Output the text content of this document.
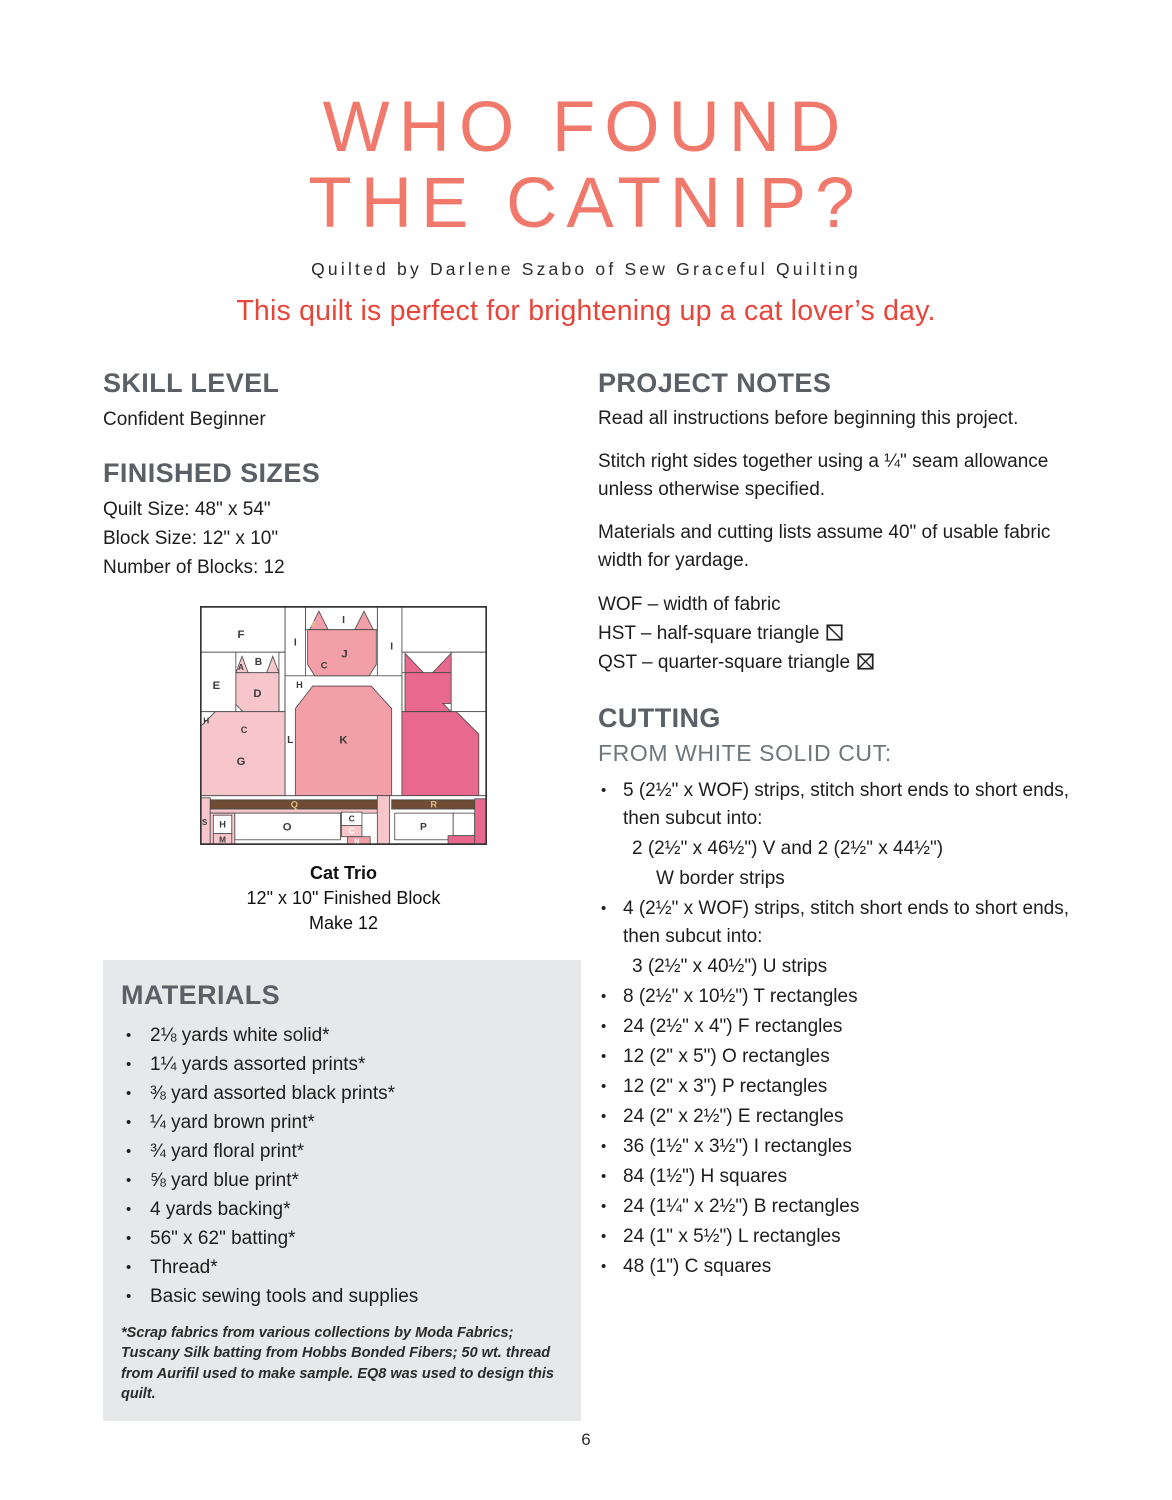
WHO FOUND
THE CATNIP?
Quilted by Darlene Szabo of Sew Graceful Quilting
This quilt is perfect for brightening up a cat lover’s day.
SKILL LEVEL
Confident Beginner
FINISHED SIZES
Quilt Size: 48" x 54"
Block Size: 12" x 10"
Number of Blocks: 12
F
E
A B
D
H
C
G
I
A	I
I
C
J
H
L	K
Q	R
S H
M
O
C
C
N
P
Cat Trio
12" x 10" Finished Block
Make 12
MATERIALS
• 2⅛ yards white solid*
• 1¼ yards assorted prints*
• ⅜ yard assorted black prints*
• ¼ yard brown print*
• ¾ yard floral print*
• ⅝ yard blue print*
• 4 yards backing*
• 56" x 62" batting*
• Thread*
• Basic sewing tools and supplies
*Scrap fabrics from various collections by Moda Fabrics; Tuscany Silk batting from Hobbs Bonded Fibers; 50 wt. thread from Aurifil used to make sample. EQ8 was used to design this quilt.
PROJECT NOTES

Read all instructions before beginning this project.

Stitch right sides together using a ¼" seam allowance unless otherwise specified.

Materials and cutting lists assume 40" of usable fabric width for yardage.

WOF – width of fabric
HST – half-square triangle
QST – quarter-square triangle
CUTTING
FROM WHITE SOLID CUT:
• 5 (2½" x WOF) strips, stitch short ends to short ends, then subcut into:
2 (2½" x 46½") V and 2 (2½" x 44½")
W border strips
• 4 (2½" x WOF) strips, stitch short ends to short ends, then subcut into:
3 (2½" x 40½") U strips
• 8 (2½" x 10½") T rectangles
• 24 (2½" x 4") F rectangles
• 12 (2" x 5") O rectangles
• 12 (2" x 3") P rectangles
• 24 (2" x 2½") E rectangles
• 36 (1½" x 3½") I rectangles
• 84 (1½") H squares
• 24 (1¼" x 2½") B rectangles
• 24 (1" x 5½") L rectangles
• 48 (1") C squares
6
